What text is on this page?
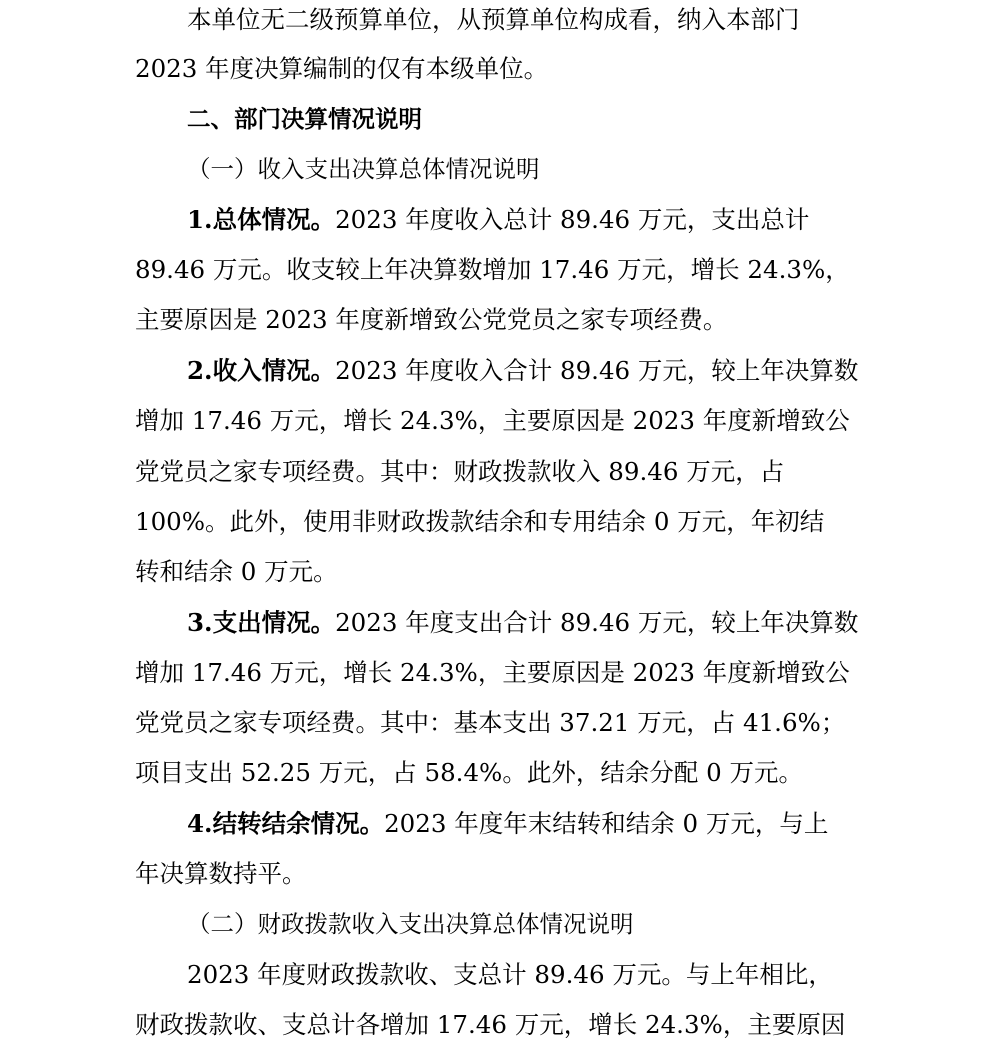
本单位无二级预算单位，从预算单位构成看，纳入本部门
2023 年度决算编制的仅有本级单位。
二、部门决算情况说明
（一）收入支出决算总体情况说明
1.总体情况。2023 年度收入总计 89.46 万元，支出总计
89.46 万元。收支较上年决算数增加 17.46 万元，增长 24.3%，
主要原因是 2023 年度新增致公党党员之家专项经费。
2.收入情况。2023 年度收入合计 89.46 万元，较上年决算数
增加 17.46 万元，增长 24.3%，主要原因是 2023 年度新增致公
党党员之家专项经费。其中：财政拨款收入 89.46 万元，占
100%。此外，使用非财政拨款结余和专用结余 0 万元，年初结
转和结余 0 万元。
3.支出情况。2023 年度支出合计 89.46 万元，较上年决算数
增加 17.46 万元，增长 24.3%，主要原因是 2023 年度新增致公
党党员之家专项经费。其中：基本支出 37.21 万元，占 41.6%；
项目支出 52.25 万元，占 58.4%。此外，结余分配 0 万元。
4.结转结余情况。2023 年度年末结转和结余 0 万元，与上
年决算数持平。
（二）财政拨款收入支出决算总体情况说明
2023 年度财政拨款收、支总计 89.46 万元。与上年相比，
财政拨款收、支总计各增加 17.46 万元，增长 24.3%，主要原因
